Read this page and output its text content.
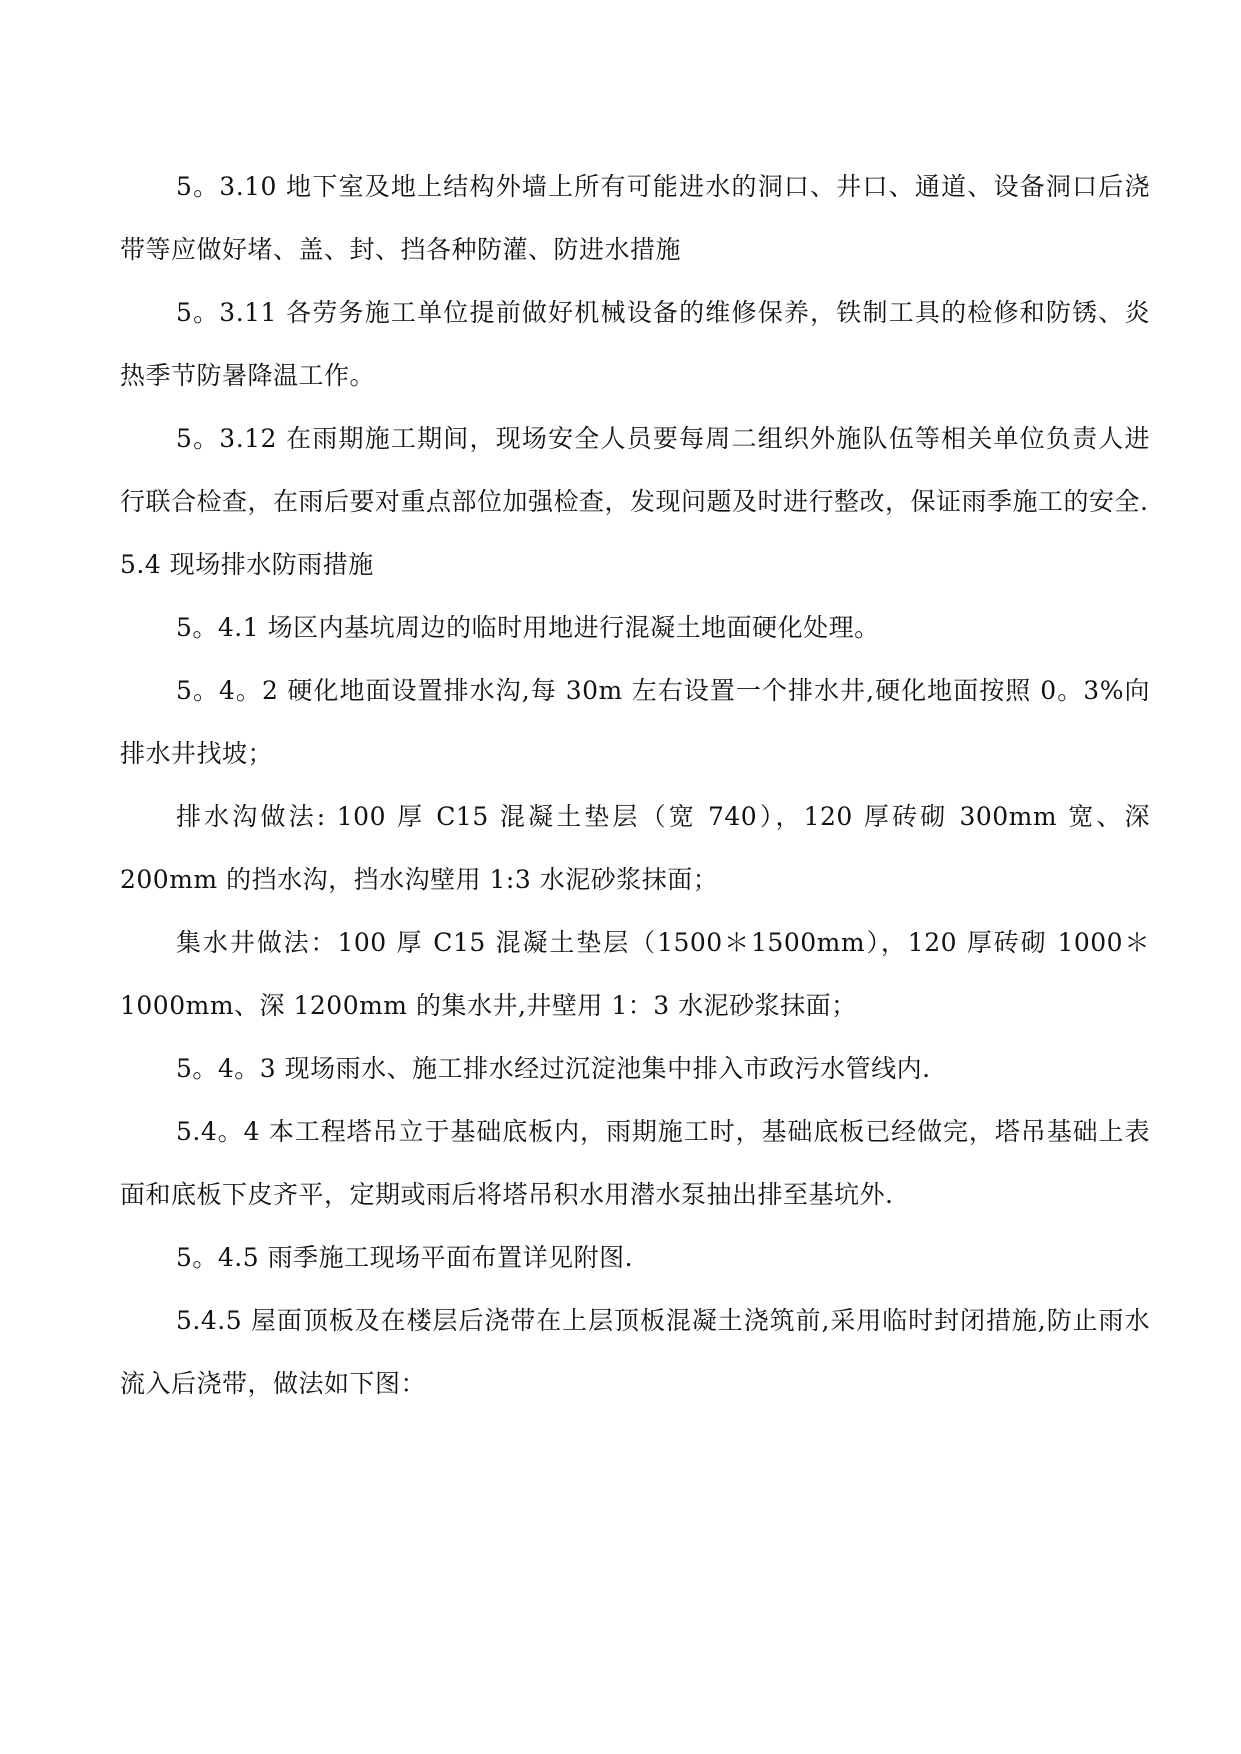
5。3.10 地下室及地上结构外墙上所有可能进水的洞口、井口、通道、设备洞口后浇带等应做好堵、盖、封、挡各种防灌、防进水措施

5。3.11 各劳务施工单位提前做好机械设备的维修保养，铁制工具的检修和防锈、炎热季节防暑降温工作。

5。3.12 在雨期施工期间，现场安全人员要每周二组织外施队伍等相关单位负责人进行联合检查，在雨后要对重点部位加强检查，发现问题及时进行整改，保证雨季施工的安全.

5.4 现场排水防雨措施

5。4.1 场区内基坑周边的临时用地进行混凝土地面硬化处理。

5。4。2 硬化地面设置排水沟,每 30m 左右设置一个排水井,硬化地面按照 0。3%向排水井找坡；

排水沟做法: 100 厚 C15 混凝土垫层（宽 740），120 厚砖砌 300mm 宽、深 200mm 的挡水沟，挡水沟壁用 1:3 水泥砂浆抹面；

集水井做法：100 厚 C15 混凝土垫层（1500＊1500mm），120 厚砖砌 1000＊1000mm、深 1200mm 的集水井,井壁用 1：3 水泥砂浆抹面；

5。4。3 现场雨水、施工排水经过沉淀池集中排入市政污水管线内.

5.4。4 本工程塔吊立于基础底板内，雨期施工时，基础底板已经做完，塔吊基础上表面和底板下皮齐平，定期或雨后将塔吊积水用潜水泵抽出排至基坑外.

5。4.5 雨季施工现场平面布置详见附图.

5.4.5 屋面顶板及在楼层后浇带在上层顶板混凝土浇筑前,采用临时封闭措施,防止雨水流入后浇带，做法如下图：
